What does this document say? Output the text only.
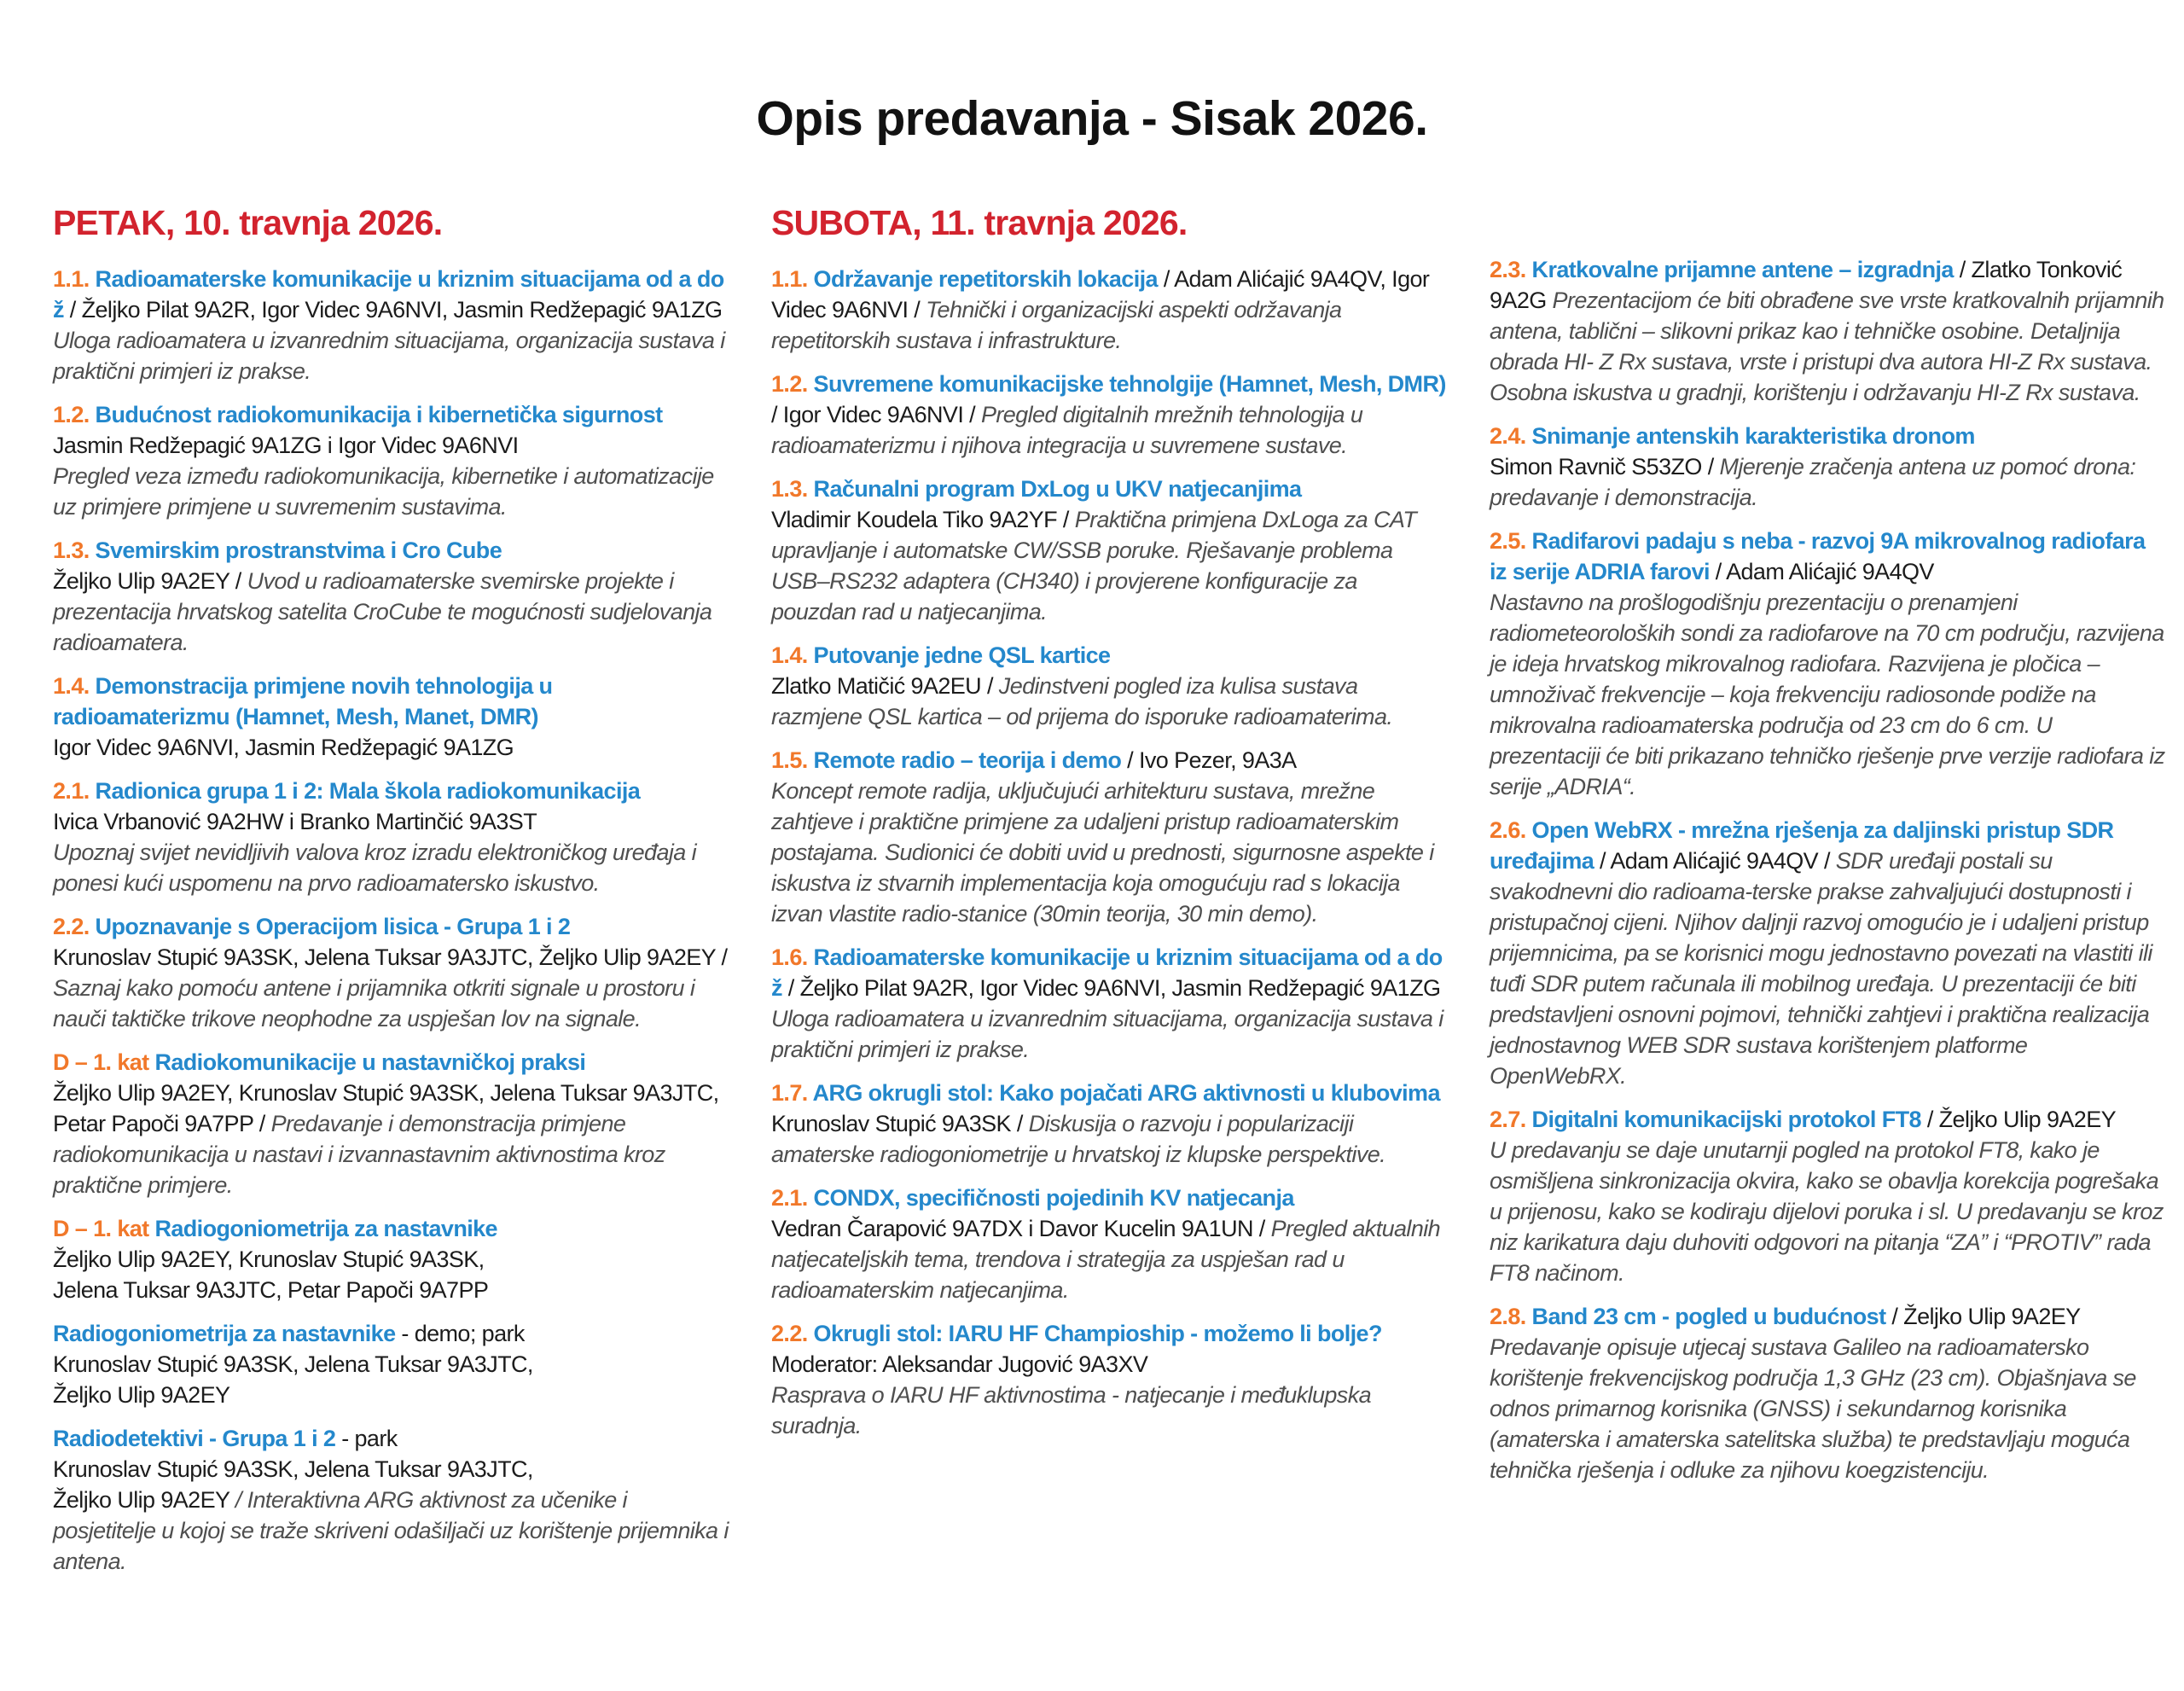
Opis predavanja - Sisak 2026.
PETAK, 10. travnja 2026.

1.1. Radioamaterske komunikacije u kriznim situacijama od a do ž / Željko Pilat 9A2R, Igor Videc 9A6NVI, Jasmin Redžepagić 9A1ZG Uloga radioamatera u izvanrednim situacijama, organizacija sustava i praktični primjeri iz prakse.

1.2. Budućnost radiokomunikacija i kibernetička sigurnost
Jasmin Redžepagić 9A1ZG i Igor Videc 9A6NVI
Pregled veza između radiokomunikacija, kibernetike i automatizacije uz primjere primjene u suvremenim sustavima.

1.3. Svemirskim prostranstvima i Cro Cube
Željko Ulip 9A2EY / Uvod u radioamaterske svemirske projekte i prezentacija hrvatskog satelita CroCube te mogućnosti sudjelovanja radioamatera.

1.4. Demonstracija primjene novih tehnologija u radioamaterizmu (Hamnet, Mesh, Manet, DMR)
Igor Videc 9A6NVI, Jasmin Redžepagić 9A1ZG

2.1. Radionica grupa 1 i 2: Mala škola radiokomunikacija
Ivica Vrbanović 9A2HW i Branko Martinčić 9A3ST
Upoznaj svijet nevidljivih valova kroz izradu elektroničkog uređaja i ponesi kući uspomenu na prvo radioamatersko iskustvo.

2.2. Upoznavanje s Operacijom lisica - Grupa 1 i 2
Krunoslav Stupić 9A3SK, Jelena Tuksar 9A3JTC, Željko Ulip 9A2EY / Saznaj kako pomoću antene i prijamnika otkriti signale u prostoru i nauči taktičke trikove neophodne za uspješan lov na signale.

D – 1. kat Radiokomunikacije u nastavničkoj praksi
Željko Ulip 9A2EY, Krunoslav Stupić 9A3SK, Jelena Tuksar 9A3JTC, Petar Papoči 9A7PP / Predavanje i demonstracija primjene radiokomunikacija u nastavi i izvannastavnim aktivnostima kroz praktične primjere.

D – 1. kat Radiogoniometrija za nastavnike
Željko Ulip 9A2EY, Krunoslav Stupić 9A3SK,
Jelena Tuksar 9A3JTC, Petar Papoči 9A7PP

Radiogoniometrija za nastavnike - demo; park
Krunoslav Stupić 9A3SK, Jelena Tuksar 9A3JTC,
Željko Ulip 9A2EY

Radiodetektivi - Grupa 1 i 2 - park
Krunoslav Stupić 9A3SK, Jelena Tuksar 9A3JTC,
Željko Ulip 9A2EY / Interaktivna ARG aktivnost za učenike i posjetitelje u kojoj se traže skriveni odašiljači uz korištenje prijemnika i antena.

SUBOTA, 11. travnja 2026.

1.1. Održavanje repetitorskih lokacija / Adam Alićajić 9A4QV, Igor Videc 9A6NVI / Tehnički i organizacijski aspekti održavanja repetitorskih sustava i infrastrukture.

1.2. Suvremene komunikacijske tehnolgije (Hamnet, Mesh, DMR) / Igor Videc 9A6NVI / Pregled digitalnih mrežnih tehnologija u radioamaterizmu i njihova integracija u suvremene sustave.

1.3. Računalni program DxLog u UKV natjecanjima
Vladimir Koudela Tiko 9A2YF / Praktična primjena DxLoga za CAT upravljanje i automatske CW/SSB poruke. Rješavanje problema USB–RS232 adaptera (CH340) i provjerene konfiguracije za pouzdan rad u natjecanjima.

1.4. Putovanje jedne QSL kartice
Zlatko Matičić 9A2EU / Jedinstveni pogled iza kulisa sustava razmjene QSL kartica – od prijema do isporuke radioamaterima.

1.5. Remote radio – teorija i demo / Ivo Pezer, 9A3A
Koncept remote radija, uključujući arhitekturu sustava, mrežne zahtjeve i praktične primjene za udaljeni pristup radioamaterskim postajama. Sudionici će dobiti uvid u prednosti, sigurnosne aspekte i iskustva iz stvarnih implementacija koja omogućuju rad s lokacija izvan vlastite radio-stanice (30min teorija, 30 min demo).

1.6. Radioamaterske komunikacije u kriznim situacijama od a do ž / Željko Pilat 9A2R, Igor Videc 9A6NVI, Jasmin Redžepagić 9A1ZG Uloga radioamatera u izvanrednim situacijama, organizacija sustava i praktični primjeri iz prakse.

1.7. ARG okrugli stol: Kako pojačati ARG aktivnosti u klubovima Krunoslav Stupić 9A3SK / Diskusija o razvoju i popularizaciji amaterske radiogoniometrije u hrvatskoj iz klupske perspektive.

2.1. CONDX, specifičnosti pojedinih KV natjecanja
Vedran Čarapović 9A7DX i Davor Kucelin 9A1UN / Pregled aktualnih natjecateljskih tema, trendova i strategija za uspješan rad u radioamaterskim natjecanjima.

2.2. Okrugli stol: IARU HF Champioship - možemo li bolje?
Moderator: Aleksandar Jugović 9A3XV
Rasprava o IARU HF aktivnostima - natjecanje i međuklupska suradnja.

2.3. Kratkovalne prijamne antene – izgradnja / Zlatko Tonković 9A2G Prezentacijom će biti obrađene sve vrste kratkovalnih prijamnih antena, tablični – slikovni prikaz kao i tehničke osobine. Detaljnija obrada HI- Z Rx sustava, vrste i pristupi dva autora HI-Z Rx sustava. Osobna iskustva u gradnji, korištenju i održavanju HI-Z Rx sustava.

2.4. Snimanje antenskih karakteristika dronom
Simon Ravnič S53ZO / Mjerenje zračenja antena uz pomoć drona: predavanje i demonstracija.

2.5. Radifarovi padaju s neba - razvoj 9A mikrovalnog radiofara iz serije ADRIA farovi / Adam Alićajić 9A4QV
Nastavno na prošlogodišnju prezentaciju o prenamjeni radiometeoroloških sondi za radiofarove na 70 cm području, razvijena je ideja hrvatskog mikrovalnog radiofara. Razvijena je pločica – umnoživač frekvencije – koja frekvenciju radiosonde podiže na mikrovalna radioamaterska područja od 23 cm do 6 cm. U prezentaciji će biti prikazano tehničko rješenje prve verzije radiofara iz serije „ADRIA“.

2.6. Open WebRX - mrežna rješenja za daljinski pristup SDR uređajima / Adam Alićajić 9A4QV / SDR uređaji postali su svakodnevni dio radioama-terske prakse zahvaljujući dostupnosti i pristupačnoj cijeni. Njihov daljnji razvoj omogućio je i udaljeni pristup prijemnicima, pa se korisnici mogu jednostavno povezati na vlastiti ili tuđi SDR putem računala ili mobilnog uređaja. U prezentaciji će biti predstavljeni osnovni pojmovi, tehnički zahtjevi i praktična realizacija jednostavnog WEB SDR sustava korištenjem platforme OpenWebRX.

2.7. Digitalni komunikacijski protokol FT8 / Željko Ulip 9A2EY
U predavanju se daje unutarnji pogled na protokol FT8, kako je osmišljena sinkronizacija okvira, kako se obavlja korekcija pogrešaka u prijenosu, kako se kodiraju dijelovi poruka i sl. U predavanju se kroz niz karikatura daju duhoviti odgovori na pitanja “ZA” i “PROTIV” rada FT8 načinom.

2.8. Band 23 cm - pogled u budućnost / Željko Ulip 9A2EY
Predavanje opisuje utjecaj sustava Galileo na radioamatersko korištenje frekvencijskog područja 1,3 GHz (23 cm). Objašnjava se odnos primarnog korisnika (GNSS) i sekundarnog korisnika (amaterska i amaterska satelitska služba) te predstavljaju moguća tehnička rješenja i odluke za njihovu koegzistenciju.
